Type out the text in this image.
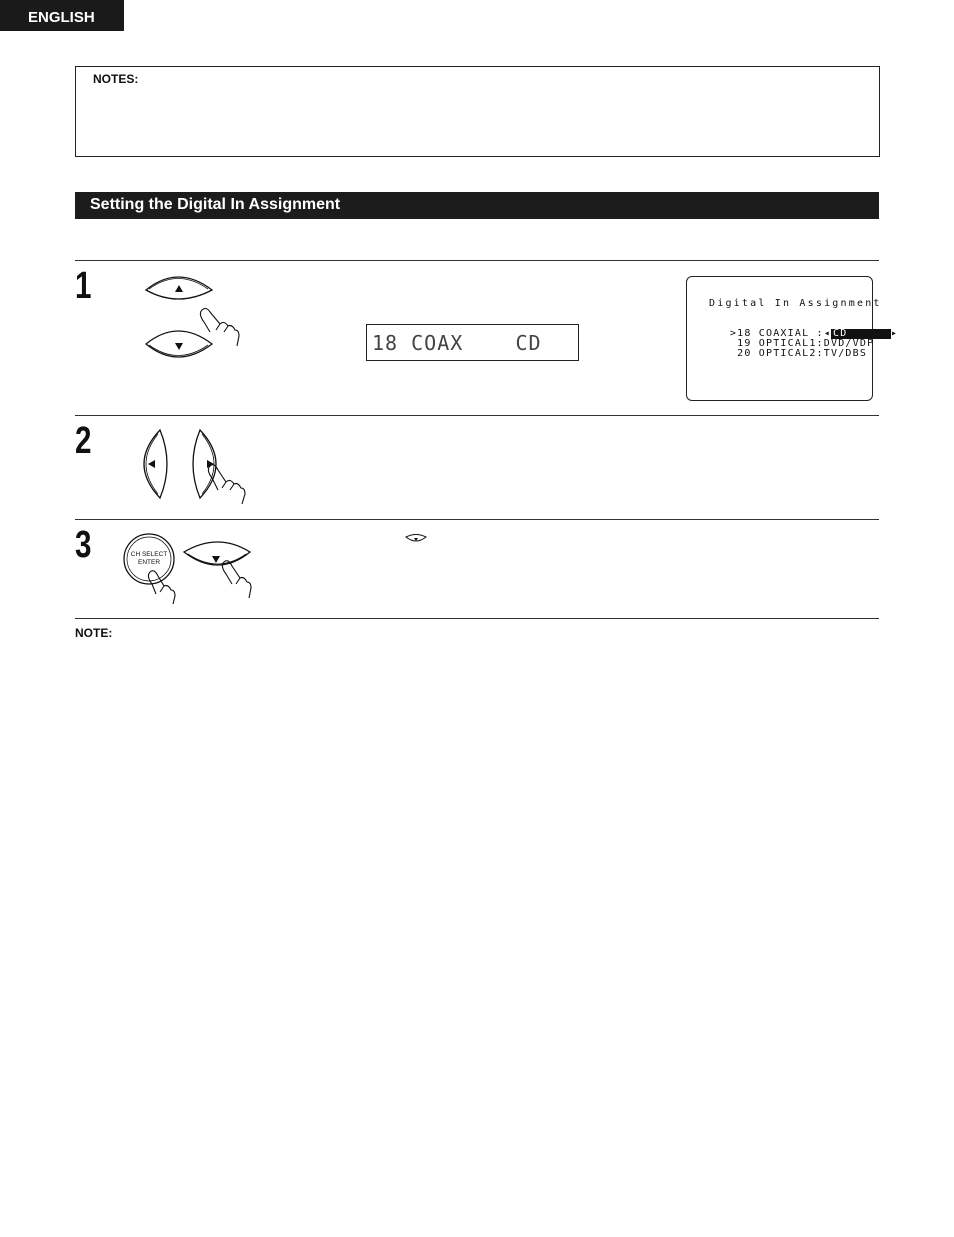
ENGLISH
NOTES:
Setting the Digital In Assignment
1
18 COAX    CD
Digital In Assignment

>18 COAXIAL :◂ CD	▸

19 OPTICAL1:DVD/VDP

20 OPTICAL2:TV/DBS

2
3	CH SELECT
ENTER
NOTE:
